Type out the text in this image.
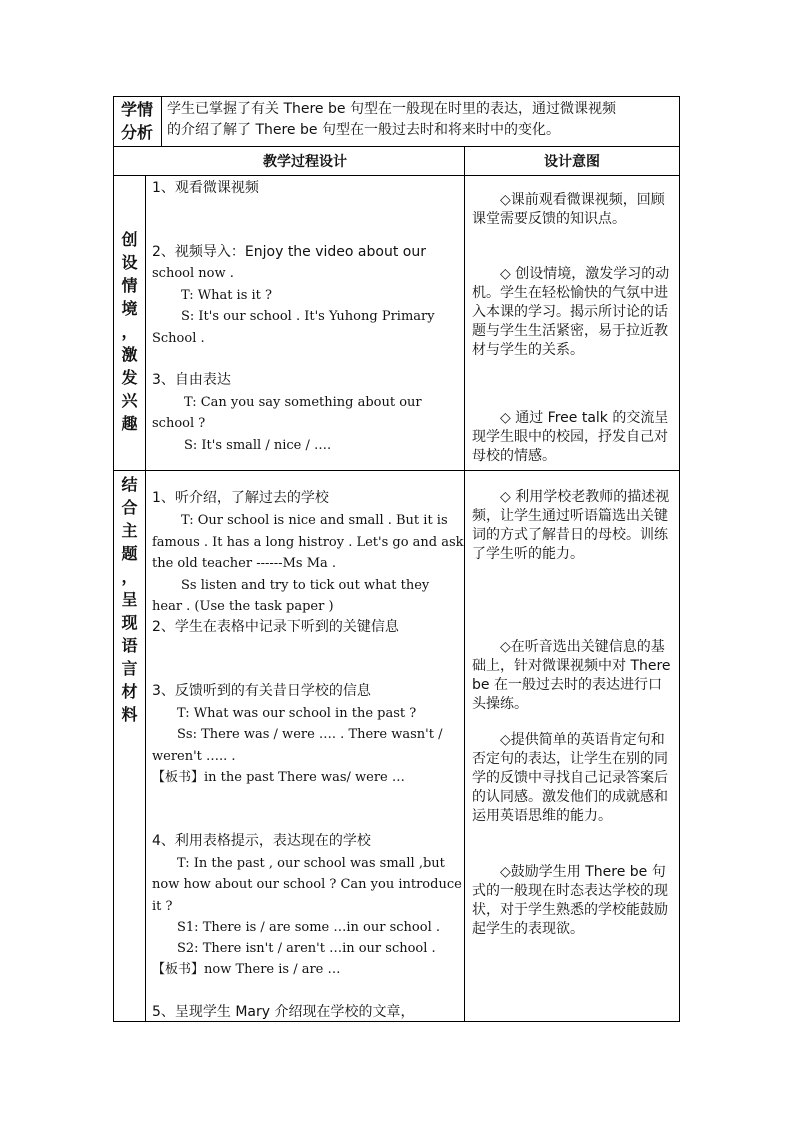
学情
分析
学生已掌握了有关 There be 句型在一般现在时里的表达，通过微课视频
的介绍了解了 There be 句型在一般过去时和将来时中的变化。
教学过程设计	设计意图
创
设
情
境
，
激
发
兴
趣
1、观看微课视频
2、视频导入：Enjoy the video about our
school now .
T: What is it ?
S: It's our school . It's Yuhong Primary
School .
3、自由表达
T: Can you say something about our
school ?
S: It's small / nice / ….
◇课前观看微课视频，回顾课堂需要反馈的知识点。
◇ 创设情境，激发学习的动机。学生在轻松愉快的气氛中进入本课的学习。揭示所讨论的话题与学生生活紧密，易于拉近教材与学生的关系。
◇ 通过 Free talk 的交流呈现学生眼中的校园，抒发自己对母校的情感。
结
合
主
题
，
呈
现
语
言
材
料
1、听介绍，了解过去的学校
T: Our school is nice and small . But it is
famous . It has a long histroy . Let's go and ask
the old teacher ------Ms Ma .
Ss listen and try to tick out what they
hear . (Use the task paper )
2、学生在表格中记录下听到的关键信息
3、反馈听到的有关昔日学校的信息
T: What was our school in the past ?
Ss: There was / were …. . There wasn't /
weren't ….. .
【板书】in the past There was/ were …
4、利用表格提示，表达现在的学校
T: In the past , our school was small ,but
now how about our school ? Can you introduce
it ?
S1: There is / are some …in our school .
S2: There isn't / aren't …in our school .
【板书】now There is / are …
5、呈现学生 Mary 介绍现在学校的文章，
◇ 利用学校老教师的描述视频，让学生通过听语篇选出关键词的方式了解昔日的母校。训练了学生听的能力。
◇在听音选出关键信息的基础上，针对微课视频中对 There be 在一般过去时的表达进行口头操练。
◇提供简单的英语肯定句和否定句的表达，让学生在别的同学的反馈中寻找自己记录答案后的认同感。激发他们的成就感和运用英语思维的能力。
◇鼓励学生用 There be 句式的一般现在时态表达学校的现状，对于学生熟悉的学校能鼓励起学生的表现欲。
